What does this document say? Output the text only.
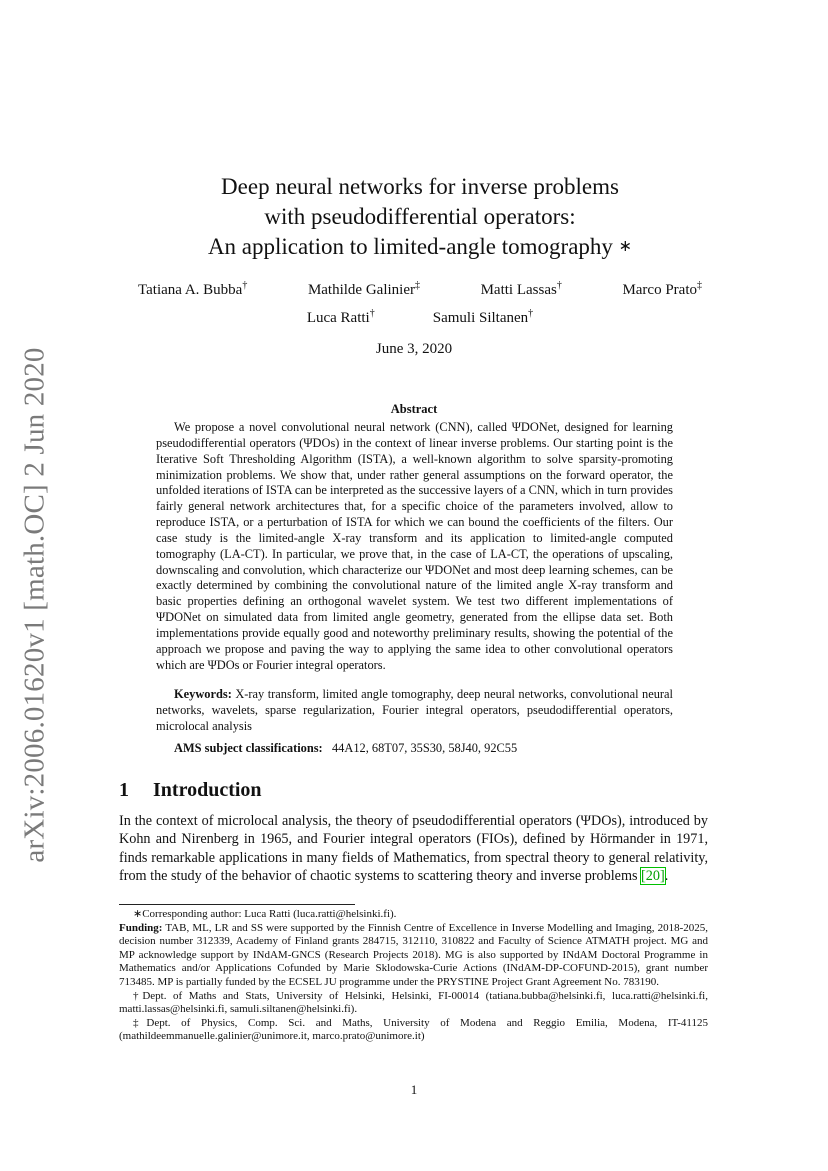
arXiv:2006.01620v1 [math.OC] 2 Jun 2020
Deep neural networks for inverse problems
with pseudodifferential operators:
An application to limited-angle tomography ∗
Tatiana A. Bubba†	Mathilde Galinier‡	Matti Lassas†	Marco Prato‡
Luca Ratti†	Samuli Siltanen†
June 3, 2020
Abstract
We propose a novel convolutional neural network (CNN), called ΨDONet, designed for learning pseudodifferential operators (ΨDOs) in the context of linear inverse problems. Our starting point is the Iterative Soft Thresholding Algorithm (ISTA), a well-known algorithm to solve sparsity-promoting minimization problems. We show that, under rather general assumptions on the forward operator, the unfolded iterations of ISTA can be interpreted as the successive layers of a CNN, which in turn provides fairly general network architectures that, for a specific choice of the parameters involved, allow to reproduce ISTA, or a perturbation of ISTA for which we can bound the coefficients of the filters. Our case study is the limited-angle X-ray transform and its application to limited-angle computed tomography (LA-CT). In particular, we prove that, in the case of LA-CT, the operations of upscaling, downscaling and convolution, which characterize our ΨDONet and most deep learning schemes, can be exactly determined by combining the convolutional nature of the limited angle X-ray transform and basic properties defining an orthogonal wavelet system. We test two different implementations of ΨDONet on simulated data from limited angle geometry, generated from the ellipse data set. Both implementations provide equally good and noteworthy preliminary results, showing the potential of the approach we propose and paving the way to applying the same idea to other convolutional operators which are ΨDOs or Fourier integral operators.
Keywords: X-ray transform, limited angle tomography, deep neural networks, convolutional neural networks, wavelets, sparse regularization, Fourier integral operators, pseudodifferential operators, microlocal analysis
AMS subject classifications: 44A12, 68T07, 35S30, 58J40, 92C55
1 Introduction
In the context of microlocal analysis, the theory of pseudodifferential operators (ΨDOs), introduced by Kohn and Nirenberg in 1965, and Fourier integral operators (FIOs), defined by Hörmander in 1971, finds remarkable applications in many fields of Mathematics, from spectral theory to general relativity, from the study of the behavior of chaotic systems to scattering theory and inverse problems [20].

∗Corresponding author: Luca Ratti (luca.ratti@helsinki.fi).

Funding: TAB, ML, LR and SS were supported by the Finnish Centre of Excellence in Inverse Modelling and Imaging, 2018-2025, decision number 312339, Academy of Finland grants 284715, 312110, 310822 and Faculty of Science ATMATH project. MG and MP acknowledge support by INdAM-GNCS (Research Projects 2018). MG is also supported by INdAM Doctoral Programme in Mathematics and/or Applications Cofunded by Marie Sklodowska-Curie Actions (INdAM-DP-COFUND-2015), grant number 713485. MP is partially funded by the ECSEL JU programme under the PRYSTINE Project Grant Agreement No. 783190.

†Dept. of Maths and Stats, University of Helsinki, Helsinki, FI-00014 (tatiana.bubba@helsinki.fi, luca.ratti@helsinki.fi, matti.lassas@helsinki.fi, samuli.siltanen@helsinki.fi).

‡Dept. of Physics, Comp. Sci. and Maths, University of Modena and Reggio Emilia, Modena, IT-41125 (mathildeemmanuelle.galinier@unimore.it, marco.prato@unimore.it)

1
